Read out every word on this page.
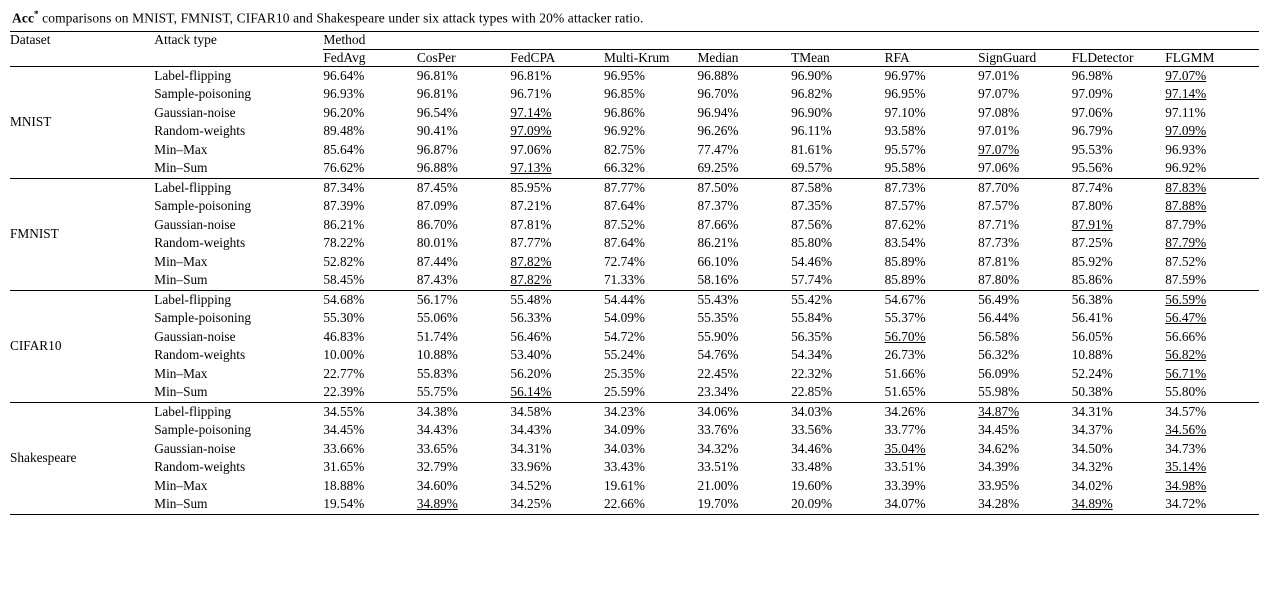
Acc* comparisons on MNIST, FMNIST, CIFAR10 and Shakespeare under six attack types with 20% attacker ratio.

Dataset	Attack type	Method									

		FedAvg	CosPer	FedCPA	Multi-Krum	Median	TMean	RFA	SignGuard	FLDetector	FLGMM
MNIST	Label-flipping	96.64%	96.81%	96.81%	96.95%	96.88%	96.90%	96.97%	97.01%	96.98%	97.07%
	Sample-poisoning	96.93%	96.81%	96.71%	96.85%	96.70%	96.82%	96.95%	97.07%	97.09%	97.14%
	Gaussian-noise	96.20%	96.54%	97.14%	96.86%	96.94%	96.90%	97.10%	97.08%	97.06%	97.11%
	Random-weights	89.48%	90.41%	97.09%	96.92%	96.26%	96.11%	93.58%	97.01%	96.79%	97.09%
	Min–Max	85.64%	96.87%	97.06%	82.75%	77.47%	81.61%	95.57%	97.07%	95.53%	96.93%
	Min–Sum	76.62%	96.88%	97.13%	66.32%	69.25%	69.57%	95.58%	97.06%	95.56%	96.92%
FMNIST	Label-flipping	87.34%	87.45%	85.95%	87.77%	87.50%	87.58%	87.73%	87.70%	87.74%	87.83%
	Sample-poisoning	87.39%	87.09%	87.21%	87.64%	87.37%	87.35%	87.57%	87.57%	87.80%	87.88%
	Gaussian-noise	86.21%	86.70%	87.81%	87.52%	87.66%	87.56%	87.62%	87.71%	87.91%	87.79%
	Random-weights	78.22%	80.01%	87.77%	87.64%	86.21%	85.80%	83.54%	87.73%	87.25%	87.79%
	Min–Max	52.82%	87.44%	87.82%	72.74%	66.10%	54.46%	85.89%	87.81%	85.92%	87.52%
	Min–Sum	58.45%	87.43%	87.82%	71.33%	58.16%	57.74%	85.89%	87.80%	85.86%	87.59%
CIFAR10	Label-flipping	54.68%	56.17%	55.48%	54.44%	55.43%	55.42%	54.67%	56.49%	56.38%	56.59%
	Sample-poisoning	55.30%	55.06%	56.33%	54.09%	55.35%	55.84%	55.37%	56.44%	56.41%	56.47%
	Gaussian-noise	46.83%	51.74%	56.46%	54.72%	55.90%	56.35%	56.70%	56.58%	56.05%	56.66%
	Random-weights	10.00%	10.88%	53.40%	55.24%	54.76%	54.34%	26.73%	56.32%	10.88%	56.82%
	Min–Max	22.77%	55.83%	56.20%	25.35%	22.45%	22.32%	51.66%	56.09%	52.24%	56.71%
	Min–Sum	22.39%	55.75%	56.14%	25.59%	23.34%	22.85%	51.65%	55.98%	50.38%	55.80%
Shakespeare	Label-flipping	34.55%	34.38%	34.58%	34.23%	34.06%	34.03%	34.26%	34.87%	34.31%	34.57%
	Sample-poisoning	34.45%	34.43%	34.43%	34.09%	33.76%	33.56%	33.77%	34.45%	34.37%	34.56%
	Gaussian-noise	33.66%	33.65%	34.31%	34.03%	34.32%	34.46%	35.04%	34.62%	34.50%	34.73%
	Random-weights	31.65%	32.79%	33.96%	33.43%	33.51%	33.48%	33.51%	34.39%	34.32%	35.14%
	Min–Max	18.88%	34.60%	34.52%	19.61%	21.00%	19.60%	33.39%	33.95%	34.02%	34.98%
	Min–Sum	19.54%	34.89%	34.25%	22.66%	19.70%	20.09%	34.07%	34.28%	34.89%	34.72%
